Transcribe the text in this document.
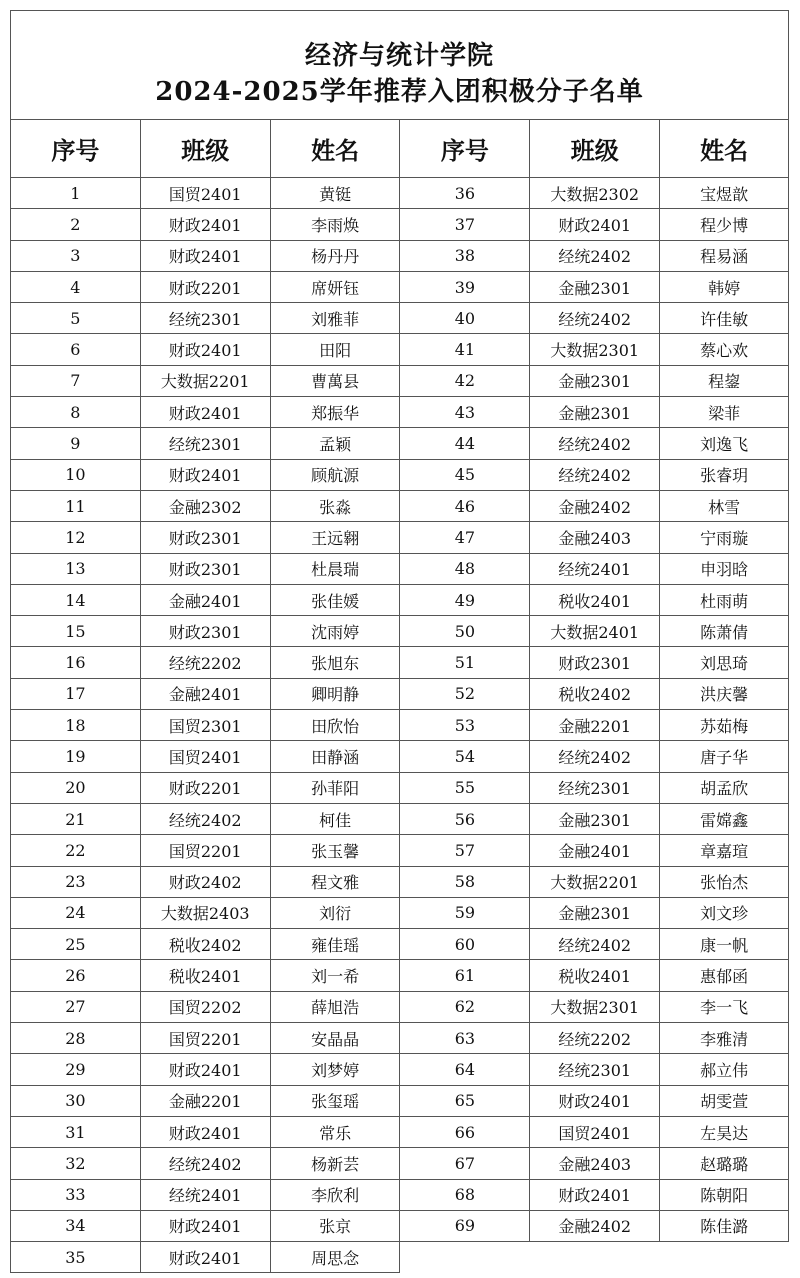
经济与统计学院
2024-2025学年推荐入团积极分子名单
序号	班级	姓名	序号	班级	姓名
1	国贸2401	黄铤	36	大数据2302	宝煜歆
2	财政2401	李雨焕	37	财政2401	程少博
3	财政2401	杨丹丹	38	经统2402	程易涵
4	财政2201	席妍钰	39	金融2301	韩婷
5	经统2301	刘雅菲	40	经统2402	许佳敏
6	财政2401	田阳	41	大数据2301	蔡心欢
7	大数据2201	曹萬县	42	金融2301	程鋆
8	财政2401	郑振华	43	金融2301	梁菲
9	经统2301	孟颖	44	经统2402	刘逸飞
10	财政2401	顾航源	45	经统2402	张睿玥
11	金融2302	张淼	46	金融2402	林雪
12	财政2301	王远翱	47	金融2403	宁雨璇
13	财政2301	杜晨瑞	48	经统2401	申羽晗
14	金融2401	张佳媛	49	税收2401	杜雨萌
15	财政2301	沈雨婷	50	大数据2401	陈萧倩
16	经统2202	张旭东	51	财政2301	刘思琦
17	金融2401	卿明静	52	税收2402	洪庆馨
18	国贸2301	田欣怡	53	金融2201	苏茹梅
19	国贸2401	田静涵	54	经统2402	唐子华
20	财政2201	孙菲阳	55	经统2301	胡孟欣
21	经统2402	柯佳	56	金融2301	雷嫦鑫
22	国贸2201	张玉馨	57	金融2401	章嘉瑄
23	财政2402	程文雅	58	大数据2201	张怡杰
24	大数据2403	刘衍	59	金融2301	刘文珍
25	税收2402	雍佳瑶	60	经统2402	康一帆
26	税收2401	刘一希	61	税收2401	惠郁函
27	国贸2202	薛旭浩	62	大数据2301	李一飞
28	国贸2201	安晶晶	63	经统2202	李雅清
29	财政2401	刘梦婷	64	经统2301	郝立伟
30	金融2201	张玺瑶	65	财政2401	胡雯萱
31	财政2401	常乐	66	国贸2401	左昊达
32	经统2402	杨新芸	67	金融2403	赵璐璐
33	经统2401	李欣利	68	财政2401	陈朝阳
34	财政2401	张京	69	金融2402	陈佳潞
35	财政2401	周思念			
